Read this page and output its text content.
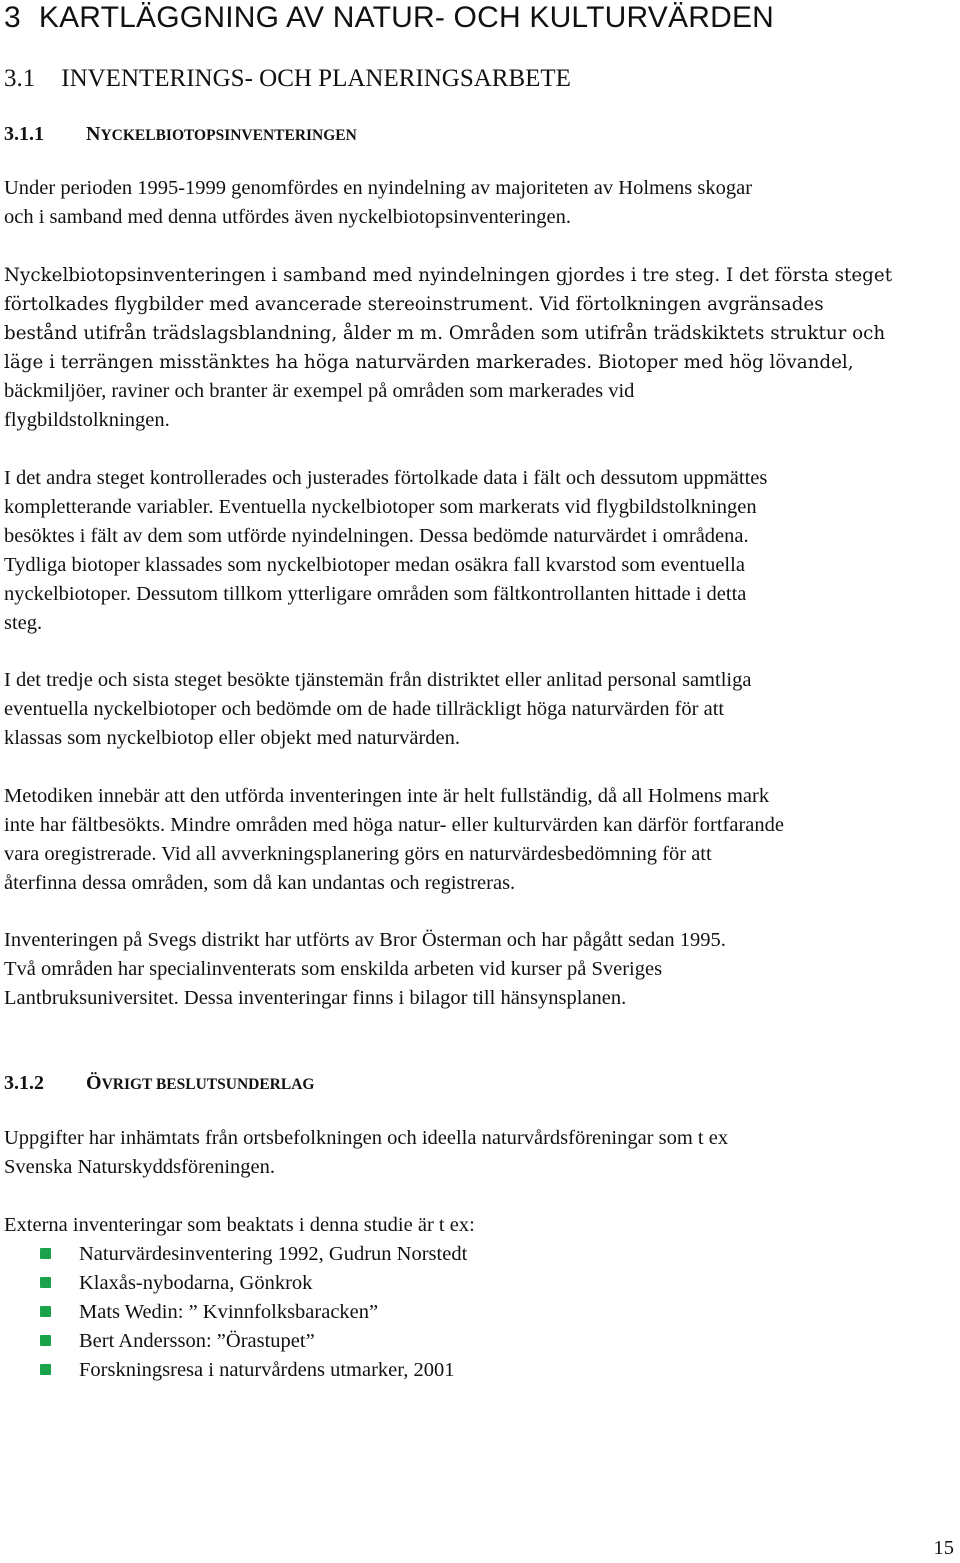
3 KARTLÄGGNING AV NATUR- OCH KULTURVÄRDEN
3.1 INVENTERINGS- OCH PLANERINGSARBETE
3.1.1 NYCKELBIOTOPSINVENTERINGEN
Under perioden 1995-1999 genomfördes en nyindelning av majoriteten av Holmens skogar
och i samband med denna utfördes även nyckelbiotopsinventeringen.
Nyckelbiotopsinventeringen i samband med nyindelningen gjordes i tre steg. I det första steget
förtolkades flygbilder med avancerade stereoinstrument. Vid förtolkningen avgränsades
bestånd utifrån trädslagsblandning, ålder m m. Områden som utifrån trädskiktets struktur och
läge i terrängen misstänktes ha höga naturvärden markerades. Biotoper med hög lövandel,
bäckmiljöer, raviner och branter är exempel på områden som markerades vid
flygbildstolkningen.
I det andra steget kontrollerades och justerades förtolkade data i fält och dessutom uppmättes
kompletterande variabler. Eventuella nyckelbiotoper som markerats vid flygbildstolkningen
besöktes i fält av dem som utförde nyindelningen. Dessa bedömde naturvärdet i områdena.
Tydliga biotoper klassades som nyckelbiotoper medan osäkra fall kvarstod som eventuella
nyckelbiotoper. Dessutom tillkom ytterligare områden som fältkontrollanten hittade i detta
steg.
I det tredje och sista steget besökte tjänstemän från distriktet eller anlitad personal samtliga
eventuella nyckelbiotoper och bedömde om de hade tillräckligt höga naturvärden för att
klassas som nyckelbiotop eller objekt med naturvärden.
Metodiken innebär att den utförda inventeringen inte är helt fullständig, då all Holmens mark
inte har fältbesökts. Mindre områden med höga natur- eller kulturvärden kan därför fortfarande
vara oregistrerade. Vid all avverkningsplanering görs en naturvärdesbedömning för att
återfinna dessa områden, som då kan undantas och registreras.
Inventeringen på Svegs distrikt har utförts av Bror Österman och har pågått sedan 1995.
Två områden har specialinventerats som enskilda arbeten vid kurser på Sveriges
Lantbruksuniversitet. Dessa inventeringar finns i bilagor till hänsynsplanen.
3.1.2 ÖVRIGT BESLUTSUNDERLAG
Uppgifter har inhämtats från ortsbefolkningen och ideella naturvårdsföreningar som t ex
Svenska Naturskyddsföreningen.
Externa inventeringar som beaktats i denna studie är t ex:
Naturvärdesinventering 1992, Gudrun Norstedt
Klaxås-nybodarna, Gönkrok
Mats Wedin: ” Kvinnfolksbaracken”
Bert Andersson: ”Örastupet”
Forskningsresa i naturvårdens utmarker, 2001
15
